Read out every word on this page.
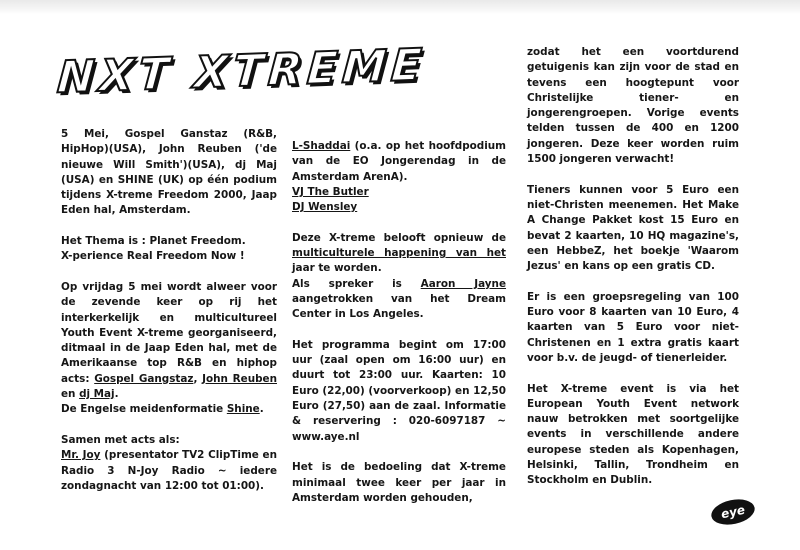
NXT XTREME

5 Mei, Gospel Ganstaz (R&B, HipHop)(USA), John Reuben ('de nieuwe Will Smith')(USA), dj Maj (USA) en SHINE (UK) op één podium tijdens X-treme Freedom 2000, Jaap Eden hal, Amsterdam.

Het Thema is : Planet Freedom.
X-perience Real Freedom Now !

Op vrijdag 5 mei wordt alweer voor de zevende keer op rij het interkerkelijk en multicultureel Youth Event X-treme georganiseerd, ditmaal in de Jaap Eden hal, met de Amerikaanse top R&B en hiphop acts: Gospel Gangstaz, John Reuben en dj Maj.
De Engelse meidenformatie Shine.

Samen met acts als:
Mr. Joy (presentator TV2 ClipTime en Radio 3 N-Joy Radio ~ iedere zondagnacht van 12:00 tot 01:00).

L-Shaddai (o.a. op het hoofdpodium van de EO Jongerendag in de Amsterdam ArenA).
VJ The Butler
DJ Wensley

Deze X-treme belooft opnieuw de multiculturele happening van het jaar te worden.
Als spreker is Aaron Jayne aangetrokken van het Dream Center in Los Angeles.

Het programma begint om 17:00 uur (zaal open om 16:00 uur) en duurt tot 23:00 uur. Kaarten: 10 Euro (22,00) (voorverkoop) en 12,50 Euro (27,50) aan de zaal. Informatie & reservering : 020-6097187 ~ www.aye.nl

Het is de bedoeling dat X-treme minimaal twee keer per jaar in Amsterdam worden gehouden,

zodat het een voortdurend getuigenis kan zijn voor de stad en tevens een hoogtepunt voor Christelijke tiener- en jongerengroepen. Vorige events telden tussen de 400 en 1200 jongeren. Deze keer worden ruim 1500 jongeren verwacht!

Tieners kunnen voor 5 Euro een niet-Christen meenemen. Het Make A Change Pakket kost 15 Euro en bevat 2 kaarten, 10 HQ magazine's, een HebbeZ, het boekje 'Waarom Jezus' en kans op een gratis CD.

Er is een groepsregeling van 100 Euro voor 8 kaarten van 10 Euro, 4 kaarten van 5 Euro voor niet-Christenen en 1 extra gratis kaart voor b.v. de jeugd- of tienerleider.

Het X-treme event is via het European Youth Event network nauw betrokken met soortgelijke events in verschillende andere europese steden als Kopenhagen, Helsinki, Tallin, Trondheim en Stockholm en Dublin.

eye
